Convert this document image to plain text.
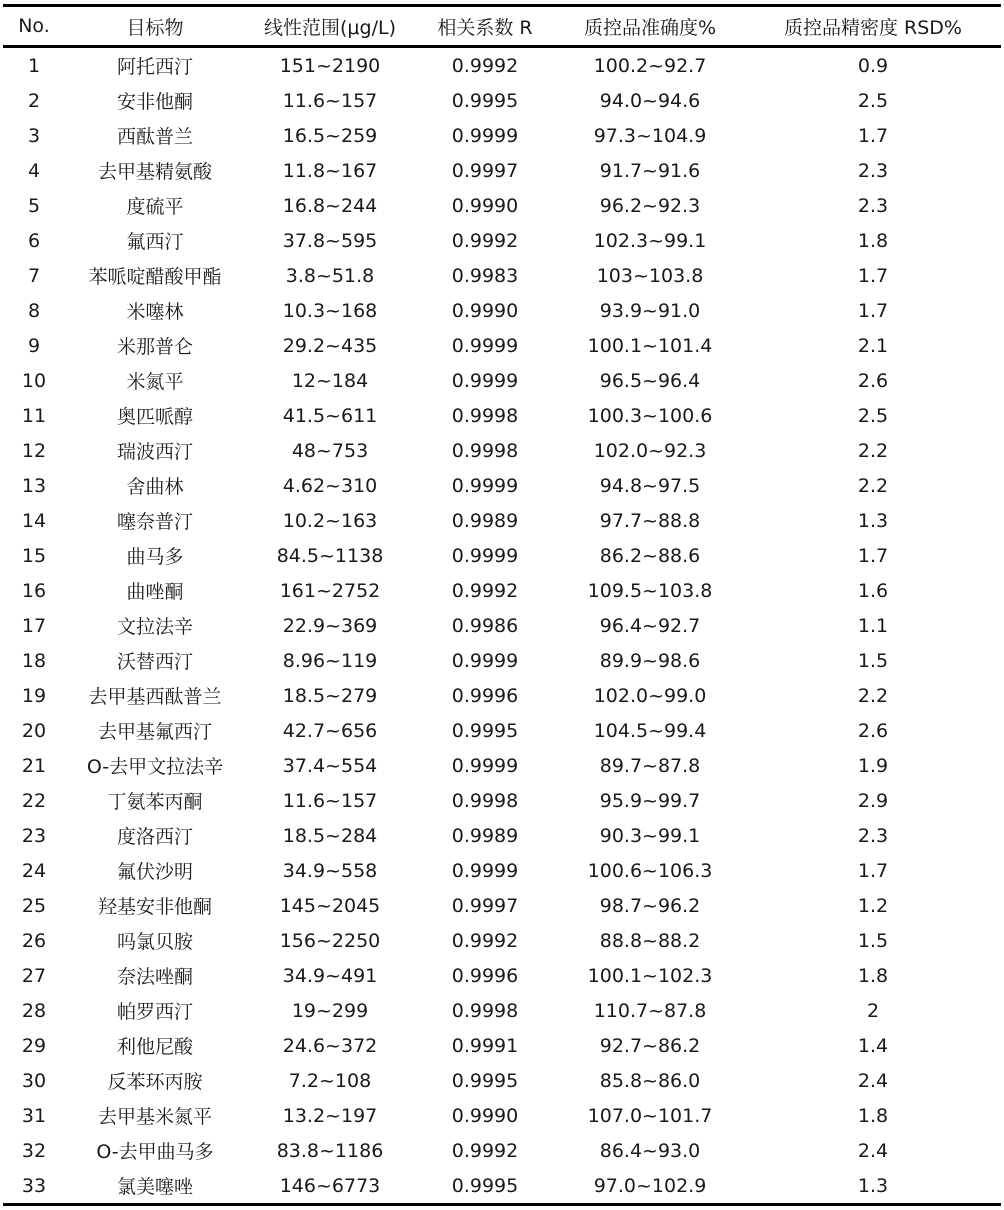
No.	目标物	线性范围(μg/L)	相关系数 R	质控品准确度%	质控品精密度 RSD%
1	阿托西汀	151~2190	0.9992	100.2~92.7	0.9
2	安非他酮	11.6~157	0.9995	94.0~94.6	2.5
3	西酞普兰	16.5~259	0.9999	97.3~104.9	1.7
4	去甲基精氨酸	11.8~167	0.9997	91.7~91.6	2.3
5	度硫平	16.8~244	0.9990	96.2~92.3	2.3
6	氟西汀	37.8~595	0.9992	102.3~99.1	1.8
7	苯哌啶醋酸甲酯	3.8~51.8	0.9983	103~103.8	1.7
8	米噻林	10.3~168	0.9990	93.9~91.0	1.7
9	米那普仑	29.2~435	0.9999	100.1~101.4	2.1
10	米氮平	12~184	0.9999	96.5~96.4	2.6
11	奥匹哌醇	41.5~611	0.9998	100.3~100.6	2.5
12	瑞波西汀	48~753	0.9998	102.0~92.3	2.2
13	舍曲林	4.62~310	0.9999	94.8~97.5	2.2
14	噻奈普汀	10.2~163	0.9989	97.7~88.8	1.3
15	曲马多	84.5~1138	0.9999	86.2~88.6	1.7
16	曲唑酮	161~2752	0.9992	109.5~103.8	1.6
17	文拉法辛	22.9~369	0.9986	96.4~92.7	1.1
18	沃替西汀	8.96~119	0.9999	89.9~98.6	1.5
19	去甲基西酞普兰	18.5~279	0.9996	102.0~99.0	2.2
20	去甲基氟西汀	42.7~656	0.9995	104.5~99.4	2.6
21	O-去甲文拉法辛	37.4~554	0.9999	89.7~87.8	1.9
22	丁氨苯丙酮	11.6~157	0.9998	95.9~99.7	2.9
23	度洛西汀	18.5~284	0.9989	90.3~99.1	2.3
24	氟伏沙明	34.9~558	0.9999	100.6~106.3	1.7
25	羟基安非他酮	145~2045	0.9997	98.7~96.2	1.2
26	吗氯贝胺	156~2250	0.9992	88.8~88.2	1.5
27	奈法唑酮	34.9~491	0.9996	100.1~102.3	1.8
28	帕罗西汀	19~299	0.9998	110.7~87.8	2
29	利他尼酸	24.6~372	0.9991	92.7~86.2	1.4
30	反苯环丙胺	7.2~108	0.9995	85.8~86.0	2.4
31	去甲基米氮平	13.2~197	0.9990	107.0~101.7	1.8
32	O-去甲曲马多	83.8~1186	0.9992	86.4~93.0	2.4
33	氯美噻唑	146~6773	0.9995	97.0~102.9	1.3
